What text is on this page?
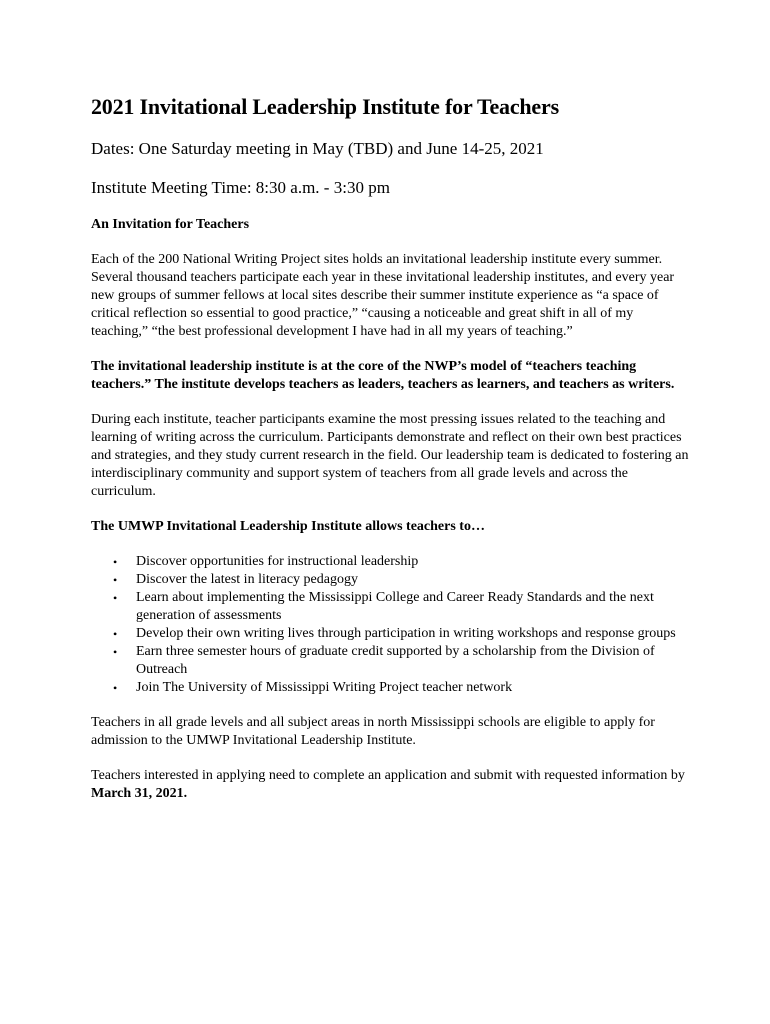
2021 Invitational Leadership Institute for Teachers
Dates: One Saturday meeting in May (TBD) and June 14-25, 2021
Institute Meeting Time: 8:30 a.m. - 3:30 pm
An Invitation for Teachers

Each of the 200 National Writing Project sites holds an invitational leadership institute every summer. Several thousand teachers participate each year in these invitational leadership institutes, and every year new groups of summer fellows at local sites describe their summer institute experience as “a space of critical reflection so essential to good practice,” “causing a noticeable and great shift in all of my teaching,” “the best professional development I have had in all my years of teaching.”

The invitational leadership institute is at the core of the NWP’s model of “teachers teaching teachers.” The institute develops teachers as leaders, teachers as learners, and teachers as writers.

During each institute, teacher participants examine the most pressing issues related to the teaching and learning of writing across the curriculum. Participants demonstrate and reflect on their own best practices and strategies, and they study current research in the field. Our leadership team is dedicated to fostering an interdisciplinary community and support system of teachers from all grade levels and across the curriculum.

The UMWP Invitational Leadership Institute allows teachers to…
• Discover opportunities for instructional leadership
• Discover the latest in literacy pedagogy
• Learn about implementing the Mississippi College and Career Ready Standards and the next generation of assessments
• Develop their own writing lives through participation in writing workshops and response groups
• Earn three semester hours of graduate credit supported by a scholarship from the Division of Outreach
• Join The University of Mississippi Writing Project teacher network

Teachers in all grade levels and all subject areas in north Mississippi schools are eligible to apply for admission to the UMWP Invitational Leadership Institute.

Teachers interested in applying need to complete an application and submit with requested information by March 31, 2021.
